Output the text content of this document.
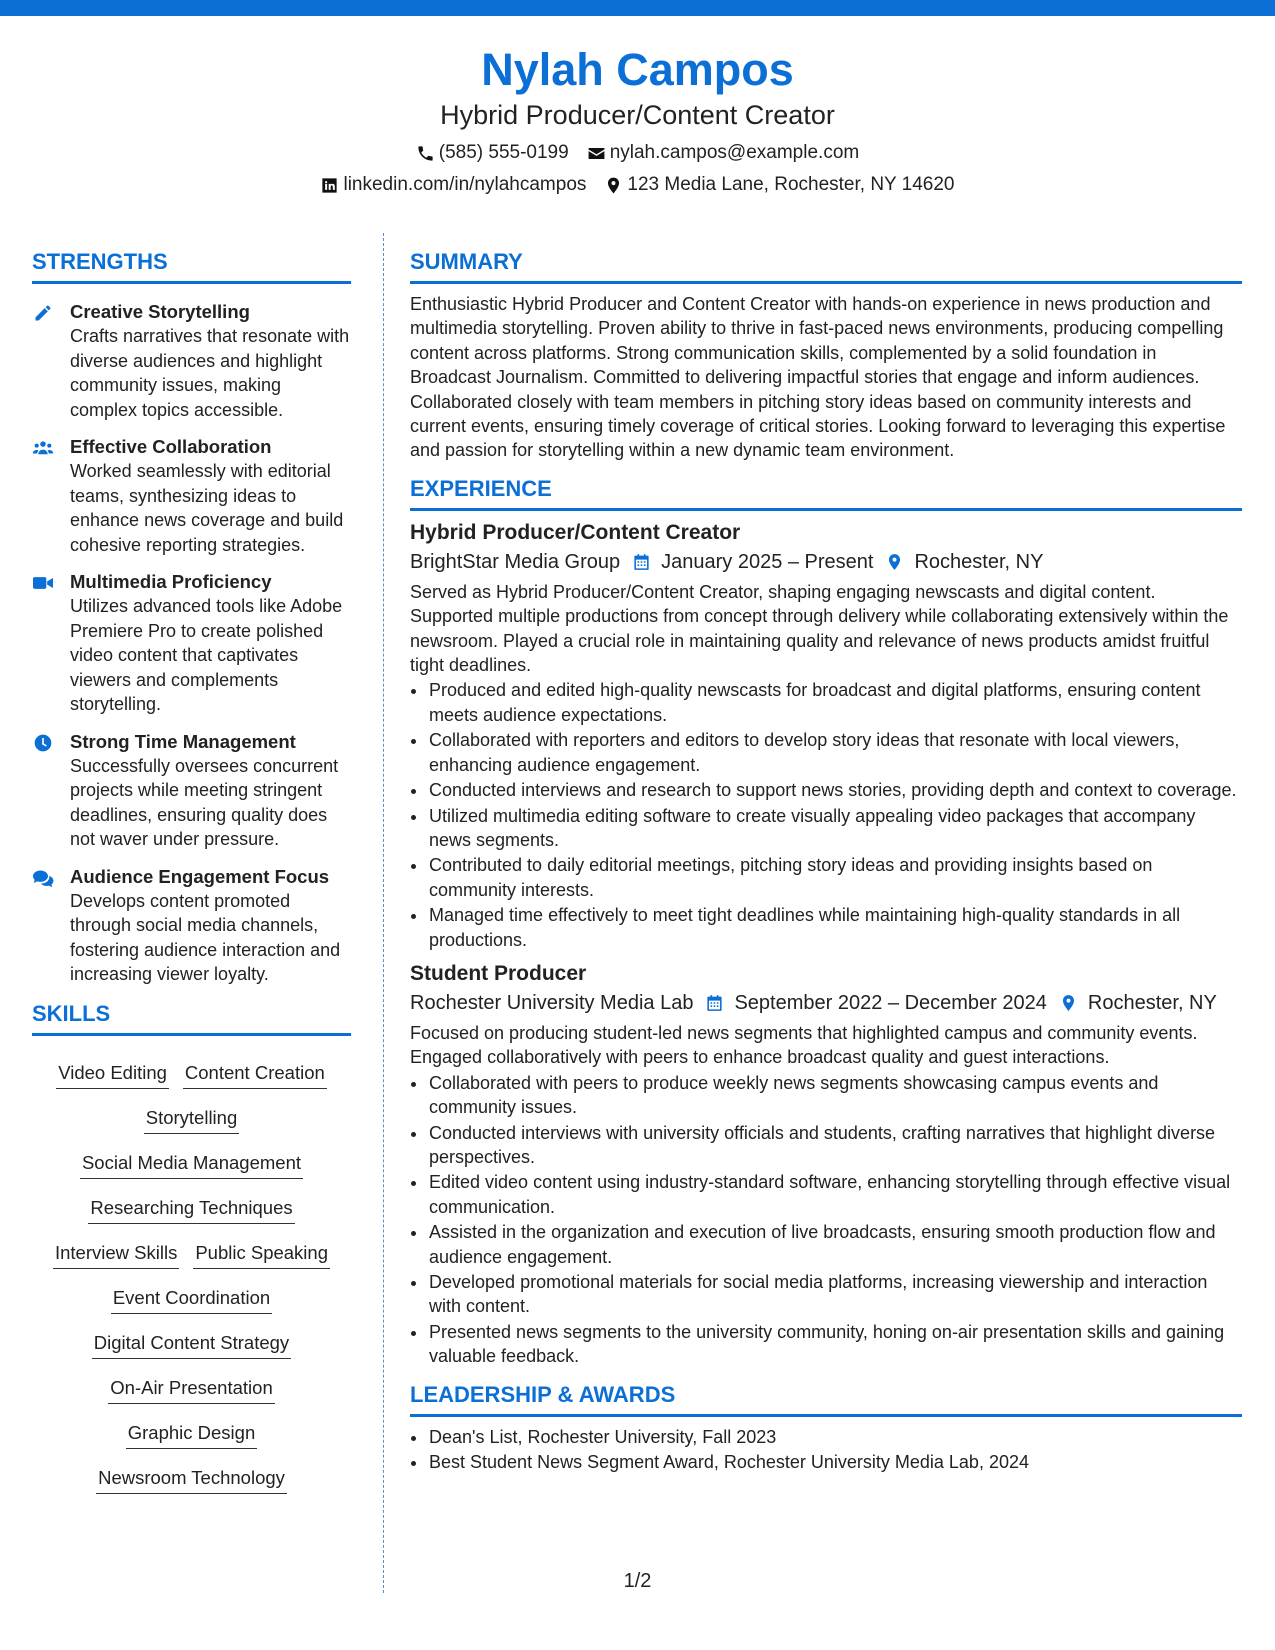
Nylah Campos
Hybrid Producer/Content Creator
(585) 555-0199 nylah.campos@example.com
linkedin.com/in/nylahcampos 123 Media Lane, Rochester, NY 14620
STRENGTHS
Creative Storytelling
Crafts narratives that resonate with diverse audiences and highlight community issues, making complex topics accessible.
Effective Collaboration
Worked seamlessly with editorial teams, synthesizing ideas to enhance news coverage and build cohesive reporting strategies.
Multimedia Proficiency
Utilizes advanced tools like Adobe Premiere Pro to create polished video content that captivates viewers and complements storytelling.
Strong Time Management
Successfully oversees concurrent projects while meeting stringent deadlines, ensuring quality does not waver under pressure.
Audience Engagement Focus
Develops content promoted through social media channels, fostering audience interaction and increasing viewer loyalty.
SKILLS
Video Editing Content Creation
Storytelling
Social Media Management
Researching Techniques
Interview Skills Public Speaking
Event Coordination
Digital Content Strategy
On-Air Presentation
Graphic Design
Newsroom Technology
SUMMARY
Enthusiastic Hybrid Producer and Content Creator with hands-on experience in news production and multimedia storytelling. Proven ability to thrive in fast-paced news environments, producing compelling content across platforms. Strong communication skills, complemented by a solid foundation in Broadcast Journalism. Committed to delivering impactful stories that engage and inform audiences. Collaborated closely with team members in pitching story ideas based on community interests and current events, ensuring timely coverage of critical stories. Looking forward to leveraging this expertise and passion for storytelling within a new dynamic team environment.
EXPERIENCE
Hybrid Producer/Content Creator
BrightStar Media Group January 2025 – Present Rochester, NY
Served as Hybrid Producer/Content Creator, shaping engaging newscasts and digital content. Supported multiple productions from concept through delivery while collaborating extensively within the newsroom. Played a crucial role in maintaining quality and relevance of news products amidst fruitful tight deadlines.
• Produced and edited high-quality newscasts for broadcast and digital platforms, ensuring content meets audience expectations.
• Collaborated with reporters and editors to develop story ideas that resonate with local viewers, enhancing audience engagement.
• Conducted interviews and research to support news stories, providing depth and context to coverage.
• Utilized multimedia editing software to create visually appealing video packages that accompany news segments.
• Contributed to daily editorial meetings, pitching story ideas and providing insights based on community interests.
• Managed time effectively to meet tight deadlines while maintaining high-quality standards in all productions.
Student Producer
Rochester University Media Lab September 2022 – December 2024 Rochester, NY
Focused on producing student-led news segments that highlighted campus and community events. Engaged collaboratively with peers to enhance broadcast quality and guest interactions.
• Collaborated with peers to produce weekly news segments showcasing campus events and community issues.
• Conducted interviews with university officials and students, crafting narratives that highlight diverse perspectives.
• Edited video content using industry-standard software, enhancing storytelling through effective visual communication.
• Assisted in the organization and execution of live broadcasts, ensuring smooth production flow and audience engagement.
• Developed promotional materials for social media platforms, increasing viewership and interaction with content.
• Presented news segments to the university community, honing on-air presentation skills and gaining valuable feedback.
LEADERSHIP & AWARDS
• Dean's List, Rochester University, Fall 2023
• Best Student News Segment Award, Rochester University Media Lab, 2024
1/2
